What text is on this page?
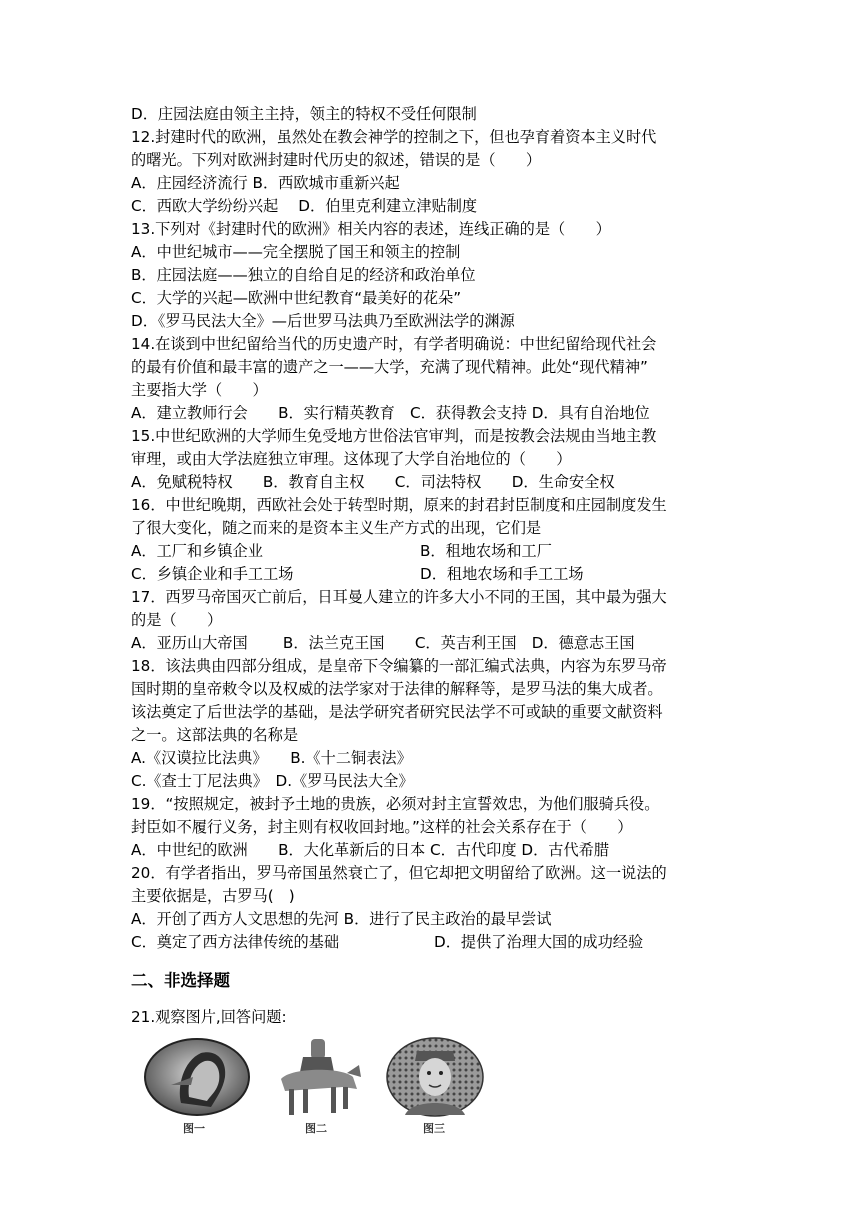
D．庄园法庭由领主主持，领主的特权不受任何限制
12.封建时代的欧洲，虽然处在教会神学的控制之下，但也孕育着资本主义时代
的曙光。下列对欧洲封建时代历史的叙述，错误的是（　　）
A．庄园经济流行 B．西欧城市重新兴起
C．西欧大学纷纷兴起　 D．伯里克利建立津贴制度
13.下列对《封建时代的欧洲》相关内容的表述，连线正确的是（　　）
A．中世纪城市——完全摆脱了国王和领主的控制
B．庄园法庭——独立的自给自足的经济和政治单位
C．大学的兴起—欧洲中世纪教育“最美好的花朵”
D．《罗马民法大全》—后世罗马法典乃至欧洲法学的渊源
14.在谈到中世纪留给当代的历史遗产时，有学者明确说：中世纪留给现代社会
的最有价值和最丰富的遗产之一——大学，充满了现代精神。此处“现代精神”
主要指大学（　　）
A．建立教师行会　　B．实行精英教育　C．获得教会支持 D．具有自治地位
15.中世纪欧洲的大学师生免受地方世俗法官审判，而是按教会法规由当地主教
审理，或由大学法庭独立审理。这体现了大学自治地位的（　　）
A．免赋税特权　　B．教育自主权　　C．司法特权　　D．生命安全权
16．中世纪晚期，西欧社会处于转型时期，原来的封君封臣制度和庄园制度发生
了很大变化，随之而来的是资本主义生产方式的出现，它们是
A．工厂和乡镇企业	B．租地农场和工厂
C．乡镇企业和手工工场	D．租地农场和手工工场
17．西罗马帝国灭亡前后，日耳曼人建立的许多大小不同的王国，其中最为强大
的是（　　）
A．亚历山大帝国　　 B．法兰克王国　　C．英吉利王国　D．德意志王国
18．该法典由四部分组成，是皇帝下令编纂的一部汇编式法典，内容为东罗马帝
国时期的皇帝敕令以及权威的法学家对于法律的解释等，是罗马法的集大成者。
该法奠定了后世法学的基础，是法学研究者研究民法学不可或缺的重要文献资料
之一。这部法典的名称是
A.《汉谟拉比法典》　　B.《十二铜表法》
C.《查士丁尼法典》　D.《罗马民法大全》
19．“按照规定，被封予土地的贵族，必须对封主宣誓效忠，为他们服骑兵役。
封臣如不履行义务，封主则有权收回封地。”这样的社会关系存在于（　　）
A．中世纪的欧洲　　B．大化革新后的日本 C．古代印度 D．古代希腊
20．有学者指出，罗马帝国虽然衰亡了，但它却把文明留给了欧洲。这一说法的
主要依据是，古罗马(　)
A．开创了西方人文思想的先河 B．进行了民主政治的最早尝试
C．奠定了西方法律传统的基础	D．提供了治理大国的成功经验
二、非选择题
21.观察图片,回答问题:
图一	图二	图三
